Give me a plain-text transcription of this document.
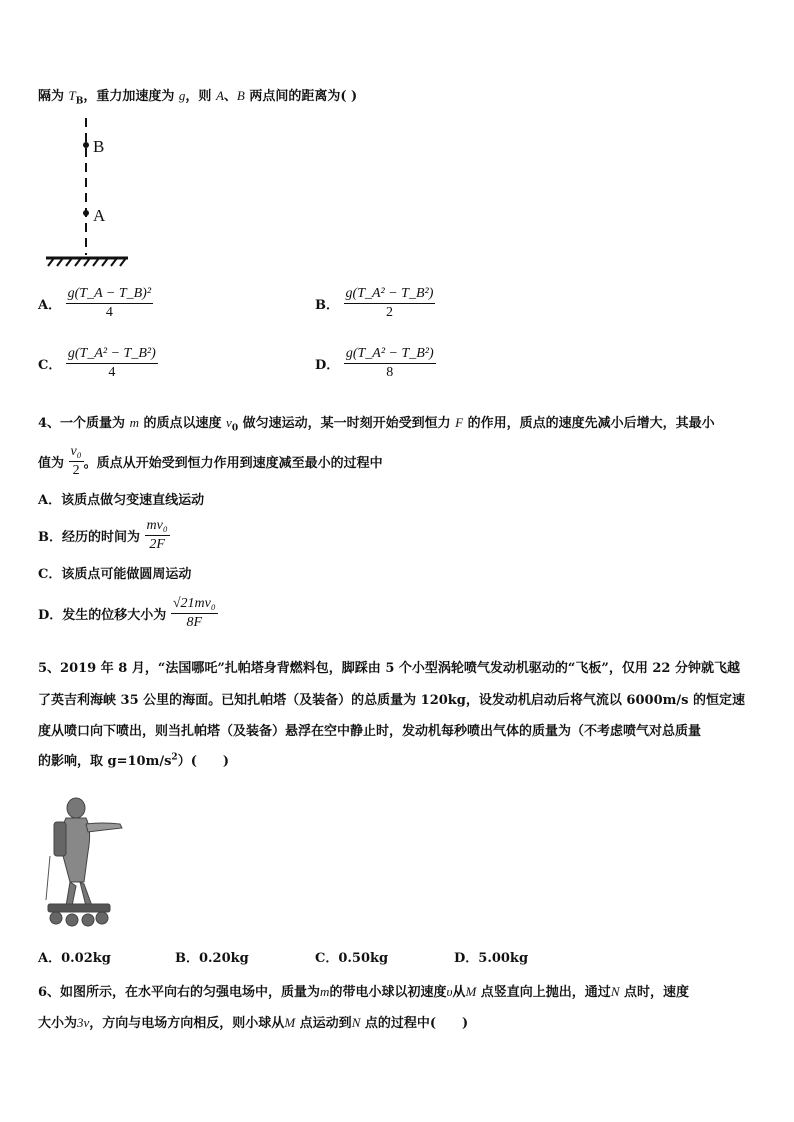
隔为 $T_B$，重力加速度为 g，则 A、B 两点间的距离为( )
B
A
A． $\frac{\text{g(T\_A − T\_B)²}}{4}$	B． $\frac{\text{g(T\_A² − T\_B²)}}{2}$
C． $\frac{\text{g(T\_A² − T\_B²)}}{4}$	D． $\frac{\text{g(T\_A² − T\_B²)}}{8}$
4、一个质量为 m 的质点以速度 $v_0$ 做匀速运动，某一时刻开始受到恒力 F 的作用，质点的速度先减小后增大，其最小
值为 $\frac{\text{v₀}}{2}$ 。质点从开始受到恒力作用到速度减至最小的过程中
A．该质点做匀变速直线运动
B．经历的时间为 $\frac{\text{mv₀}}{2F}$
C．该质点可能做圆周运动
D．发生的位移大小为 $\frac{\text{√21mv₀}}{8F}$
5、2019 年 8 月，“法国哪吒”扎帕塔身背燃料包，脚踩由 5 个小型涡轮喷气发动机驱动的“飞板”，仅用 22 分钟就飞越
了英吉利海峡 35 公里的海面。已知扎帕塔（及装备）的总质量为 120kg，设发动机启动后将气流以 6000m/s 的恒定速
度从喷口向下喷出，则当扎帕塔（及装备）悬浮在空中静止时，发动机每秒喷出气体的质量为（不考虑喷气对总质量
的影响，取 $g=10m/s^2$）(　　)
A．0.02kg	B．0.20kg	C．0.50kg	D．5.00kg
6、如图所示，在水平向右的匀强电场中，质量为m的带电小球以初速度υ从M 点竖直向上抛出，通过N 点时，速度
大小为3v，方向与电场方向相反，则小球从M 点运动到N 点的过程中(　　)
